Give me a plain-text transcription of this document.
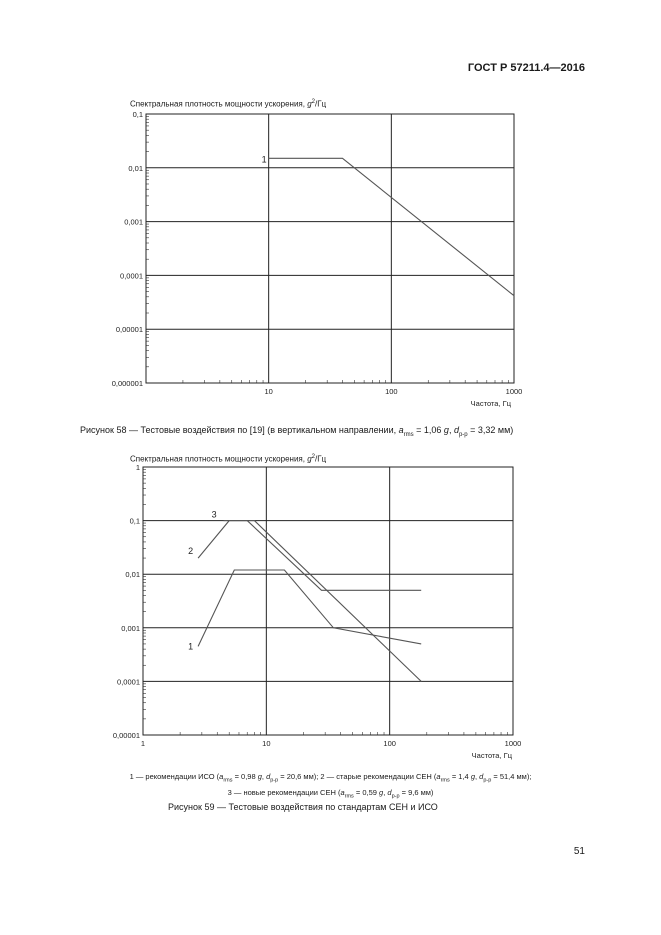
ГОСТ Р 57211.4—2016
Спектральная плотность мощности ускорения, $g^2/Гц$
10	100	1000
0,000001
0,00001
0,0001
0,001
0,01
0,1
Частота, Гц
1
Рисунок 58 — Тестовые воздействия по [19] (в вертикальном направлении, $a_{rms} = 1,06$ g, $d_{p-p} = 3,32$ мм)
Спектральная плотность мощности ускорения, $g^2/Гц$
1	10	100	1000
0,00001
0,0001
0,001
0,01
0,1
1
Частота, Гц
1
2
3
1 — рекомендации ИСО ($a_{rms} = 0,98$ g, $d_{p-p} = 20,6$ мм); 2 — старые рекомендации СЕН ($a_{rms} = 1,4$ g, $d_{p-p} = 51,4$ мм);
3 — новые рекомендации СЕН ($a_{rms} = 0,59$ g, $d_{p-p} = 9,6$ мм)
Рисунок 59 — Тестовые воздействия по стандартам СЕН и ИСО
51
